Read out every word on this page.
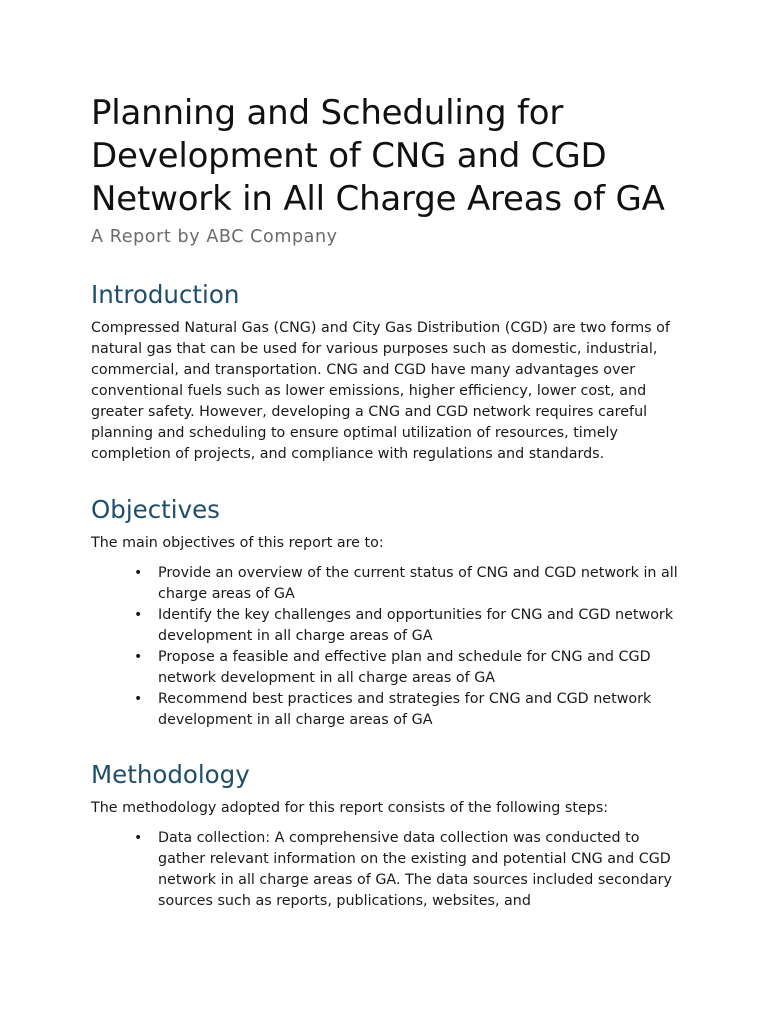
Planning and Scheduling for Development of CNG and CGD Network in All Charge Areas of GA
A Report by ABC Company
Introduction

Compressed Natural Gas (CNG) and City Gas Distribution (CGD) are two forms of natural gas that can be used for various purposes such as domestic, industrial, commercial, and transportation. CNG and CGD have many advantages over conventional fuels such as lower emissions, higher efficiency, lower cost, and greater safety. However, developing a CNG and CGD network requires careful planning and scheduling to ensure optimal utilization of resources, timely completion of projects, and compliance with regulations and standards.

Objectives

The main objectives of this report are to:

• Provide an overview of the current status of CNG and CGD network in all charge areas of GA
• Identify the key challenges and opportunities for CNG and CGD network development in all charge areas of GA
• Propose a feasible and effective plan and schedule for CNG and CGD network development in all charge areas of GA
• Recommend best practices and strategies for CNG and CGD network development in all charge areas of GA
Methodology

The methodology adopted for this report consists of the following steps:

• Data collection: A comprehensive data collection was conducted to gather relevant information on the existing and potential CNG and CGD network in all charge areas of GA. The data sources included secondary sources such as reports, publications, websites, and
